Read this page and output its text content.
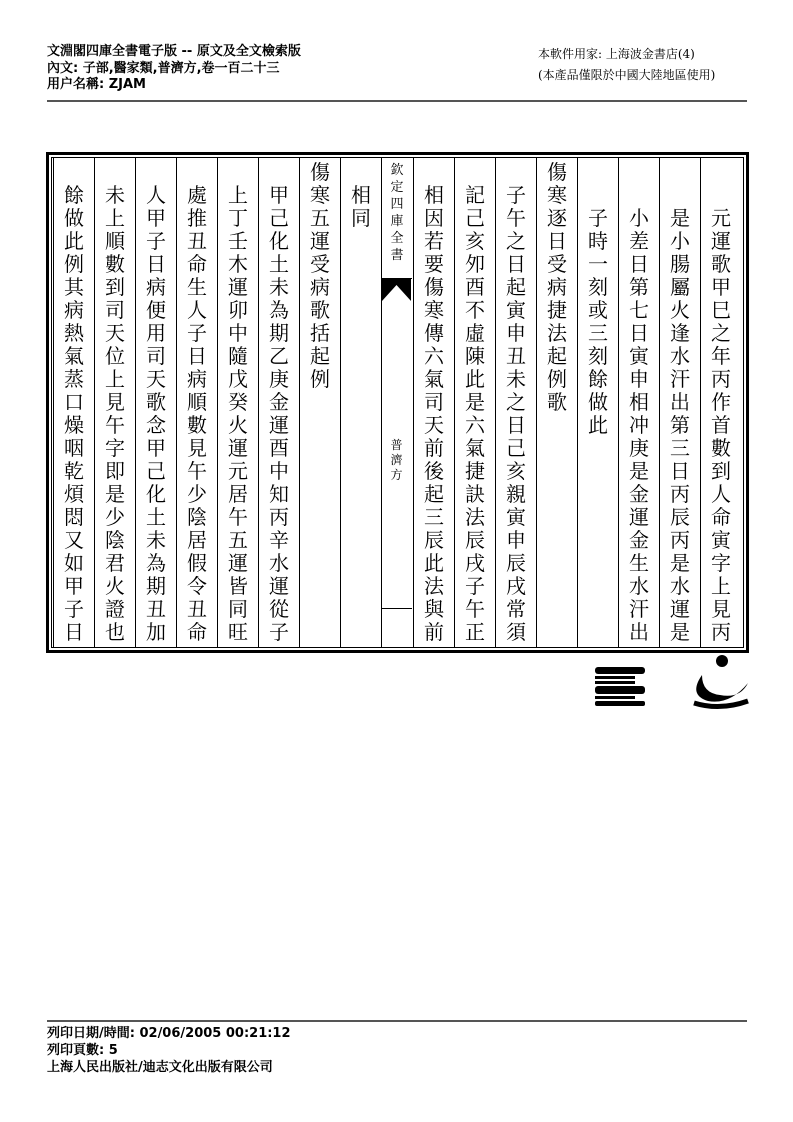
文淵閣四庫全書電子版 -- 原文及全文檢索版
內文: 子部,醫家類,普濟方,卷一百二十三
用户名稱: ZJAM
本軟件用家: 上海波金書店(4)
(本產品僅限於中國大陸地區使用)
欽定四庫全書
普濟方
元運歌甲巳之年丙作首數到人命寅字上見丙
是小腸屬火逢水汗出第三日丙辰丙是水運是
小差日第七日寅申相冲庚是金運金生水汗出
子時一刻或三刻餘做此
傷寒逐日受病捷法起例歌
子午之日起寅申丑未之日己亥親寅申辰戌常須
記己亥夘酉不虛陳此是六氣捷訣法辰戌子午正
相因若要傷寒傳六氣司天前後起三辰此法與前
相同
傷寒五運受病歌括起例
甲己化土未為期乙庚金運酉中知丙辛水運從子
上丁壬木運卯中隨戊癸火運元居午五運皆同旺
處推丑命生人子日病順數見午少陰居假令丑命
人甲子日病便用司天歌念甲己化土未為期丑加
未上順數到司天位上見午字即是少陰君火證也
餘做此例其病熱氣蒸口燥咽乾煩悶又如甲子日
列印日期/時間: 02/06/2005 00:21:12
列印頁數: 5
上海人民出版社/迪志文化出版有限公司
